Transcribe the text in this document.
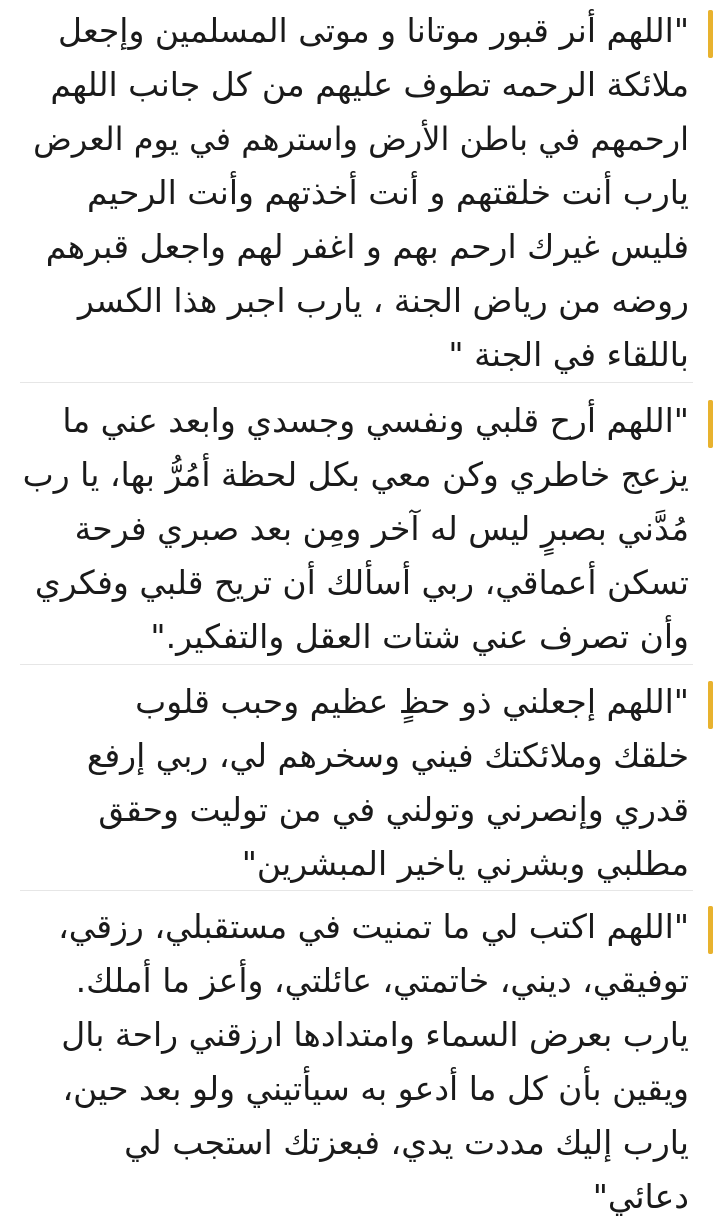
"اللهم أنر قبور موتانا و موتى المسلمين وإجعل
ملائكة الرحمه تطوف عليهم من كل جانب اللهم
ارحمهم في باطن الأرض واسترهم في يوم العرض
يارب أنت خلقتهم و أنت أخذتهم وأنت الرحيم
فليس غيرك ارحم بهم و اغفر لهم واجعل قبرهم
روضه من رياض الجنة ، يارب اجبر هذا الكسر
باللقاء في الجنة "
"اللهم أرح قلبي ونفسي وجسدي وابعد عني ما
يزعج خاطري وكن معي بكل لحظة أمُرُّ بها، يا رب
مُدَّني بصبرٍ ليس له آخر ومِن بعد صبري فرحة
تسكن أعماقي، ربي أسألك أن تريح قلبي وفكري
وأن تصرف عني شتات العقل والتفكير."
"اللهم إجعلني ذو حظٍ عظيم وحبب قلوب
خلقك وملائكتك فيني وسخرهم لي، ربي إرفع
قدري وإنصرني وتولني في من توليت وحقق
مطلبي وبشرني ياخير المبشرين"
"اللهم اكتب لي ما تمنيت في مستقبلي، رزقي،
توفيقي، ديني، خاتمتي، عائلتي، وأعز ما أملك.
يارب بعرض السماء وامتدادها ارزقني راحة بال
ويقين بأن كل ما أدعو به سيأتيني ولو بعد حين،
يارب إليك مددت يدي، فبعزتك استجب لي
دعائي"
